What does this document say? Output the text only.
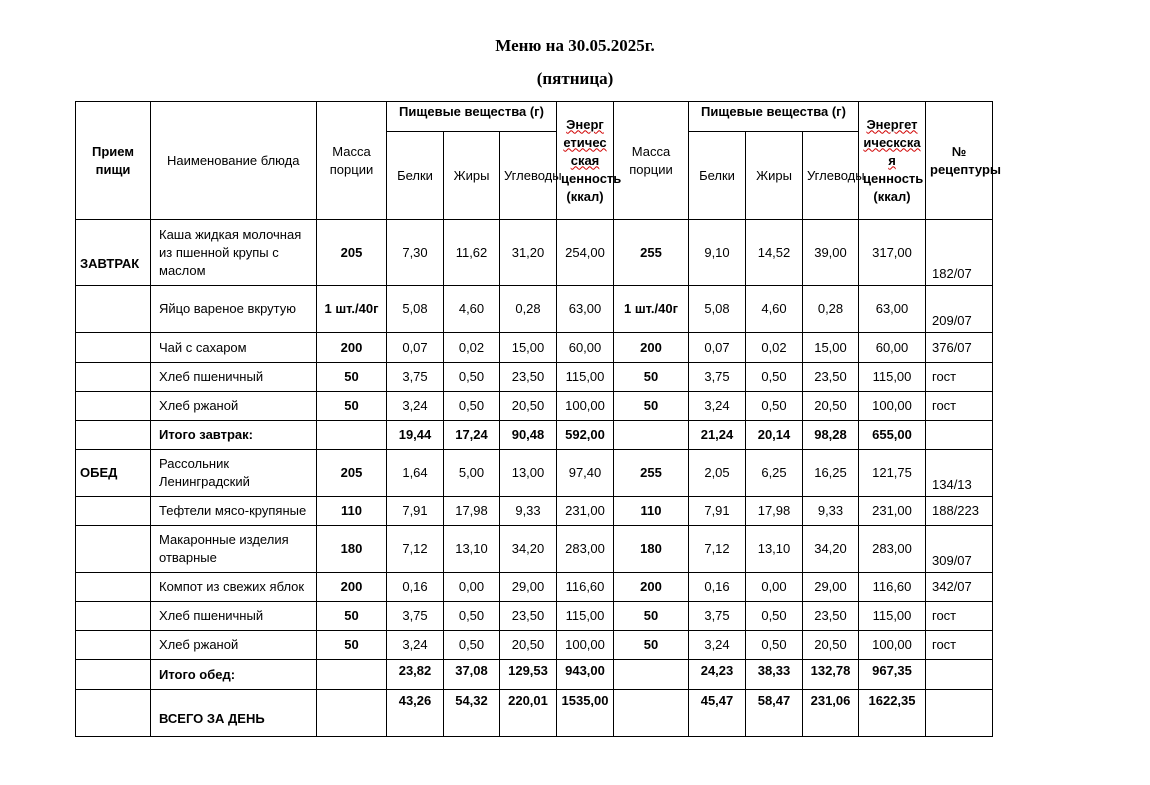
Меню на 30.05.2025г.
(пятница)
Прием пищи	Наименование блюда	Масса порции	Пищевые вещества (г)			Энерг
етичес
ская
ценность (ккал)	Масса порции	Пищевые вещества (г)			Энергет ическска
я
ценность (ккал)	№ рецептуры
			Белки	Жиры	Углеводы			Белки	Жиры	Углеводы		
ЗАВТРАК	Каша жидкая молочная из пшенной крупы с маслом	205	7,30	11,62	31,20	254,00	255	9,10	14,52	39,00	317,00	182/07
	Яйцо вареное вкрутую	1 шт./40г	5,08	4,60	0,28	63,00	1 шт./40г	5,08	4,60	0,28	63,00	209/07
	Чай с сахаром	200	0,07	0,02	15,00	60,00	200	0,07	0,02	15,00	60,00	376/07
	Хлеб пшеничный	50	3,75	0,50	23,50	115,00	50	3,75	0,50	23,50	115,00	гост
	Хлеб ржаной	50	3,24	0,50	20,50	100,00	50	3,24	0,50	20,50	100,00	гост
	Итого завтрак:		19,44	17,24	90,48	592,00		21,24	20,14	98,28	655,00	
ОБЕД	Рассольник Ленинградский	205	1,64	5,00	13,00	97,40	255	2,05	6,25	16,25	121,75	134/13
	Тефтели мясо-крупяные	110	7,91	17,98	9,33	231,00	110	7,91	17,98	9,33	231,00	188/223
	Макаронные изделия отварные	180	7,12	13,10	34,20	283,00	180	7,12	13,10	34,20	283,00	309/07
	Компот из свежих яблок	200	0,16	0,00	29,00	116,60	200	0,16	0,00	29,00	116,60	342/07
	Хлеб пшеничный	50	3,75	0,50	23,50	115,00	50	3,75	0,50	23,50	115,00	гост
	Хлеб ржаной	50	3,24	0,50	20,50	100,00	50	3,24	0,50	20,50	100,00	гост
	Итого обед:		23,82	37,08	129,53	943,00		24,23	38,33	132,78	967,35	
	ВСЕГО ЗА ДЕНЬ		43,26	54,32	220,01	1535,00		45,47	58,47	231,06	1622,35	
